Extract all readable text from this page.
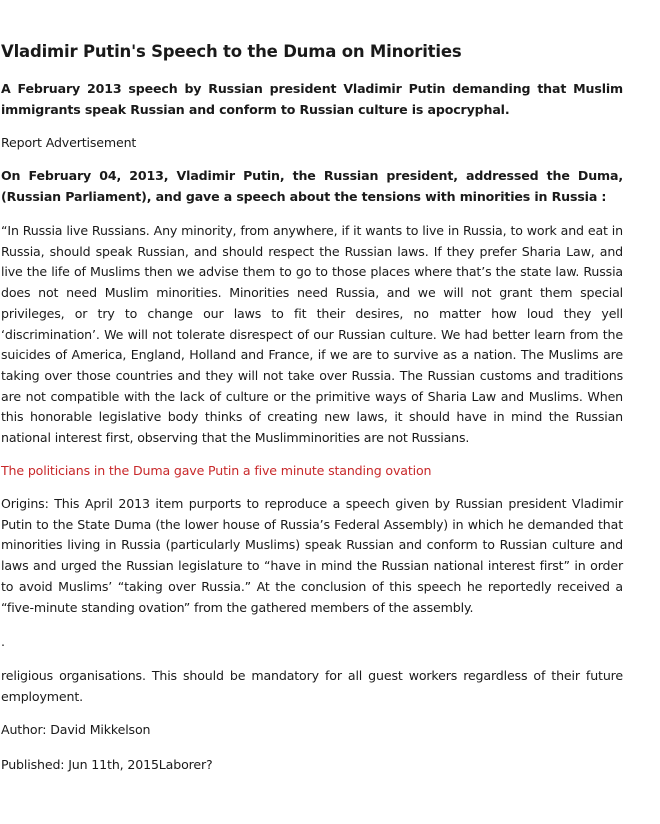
Vladimir Putin's Speech to the Duma on Minorities

A February 2013 speech by Russian president Vladimir Putin demanding that Muslim immigrants speak Russian and conform to Russian culture is apocryphal.

Report Advertisement

On February 04, 2013, Vladimir Putin, the Russian president, addressed the Duma, (Russian Parliament), and gave a speech about the tensions with minorities in Russia :

“In Russia live Russians. Any minority, from anywhere, if it wants to live in Russia, to work and eat in Russia, should speak Russian, and should respect the Russian laws. If they prefer Sharia Law, and live the life of Muslims then we advise them to go to those places where that’s the state law. Russia does not need Muslim minorities. Minorities need Russia, and we will not grant them special privileges, or try to change our laws to fit their desires, no matter how loud they yell ‘discrimination’. We will not tolerate disrespect of our Russian culture. We had better learn from the suicides of America, England, Holland and France, if we are to survive as a nation. The Muslims are taking over those countries and they will not take over Russia. The Russian customs and traditions are not compatible with the lack of culture or the primitive ways of Sharia Law and Muslims. When this honorable legislative body thinks of creating new laws, it should have in mind the Russian national interest first, observing that the Muslimminorities are not Russians.

The politicians in the Duma gave Putin a five minute standing ovation

Origins: This April 2013 item purports to reproduce a speech given by Russian president Vladimir Putin to the State Duma (the lower house of Russia’s Federal Assembly) in which he demanded that minorities living in Russia (particularly Muslims) speak Russian and conform to Russian culture and laws and urged the Russian legislature to “have in mind the Russian national interest first” in order to avoid Muslims’ “taking over Russia.” At the conclusion of this speech he reportedly received a “five-minute standing ovation” from the gathered members of the assembly.

.

religious organisations. This should be mandatory for all guest workers regardless of their future employment.

Author: David Mikkelson

Published: Jun 11th, 2015Laborer?
